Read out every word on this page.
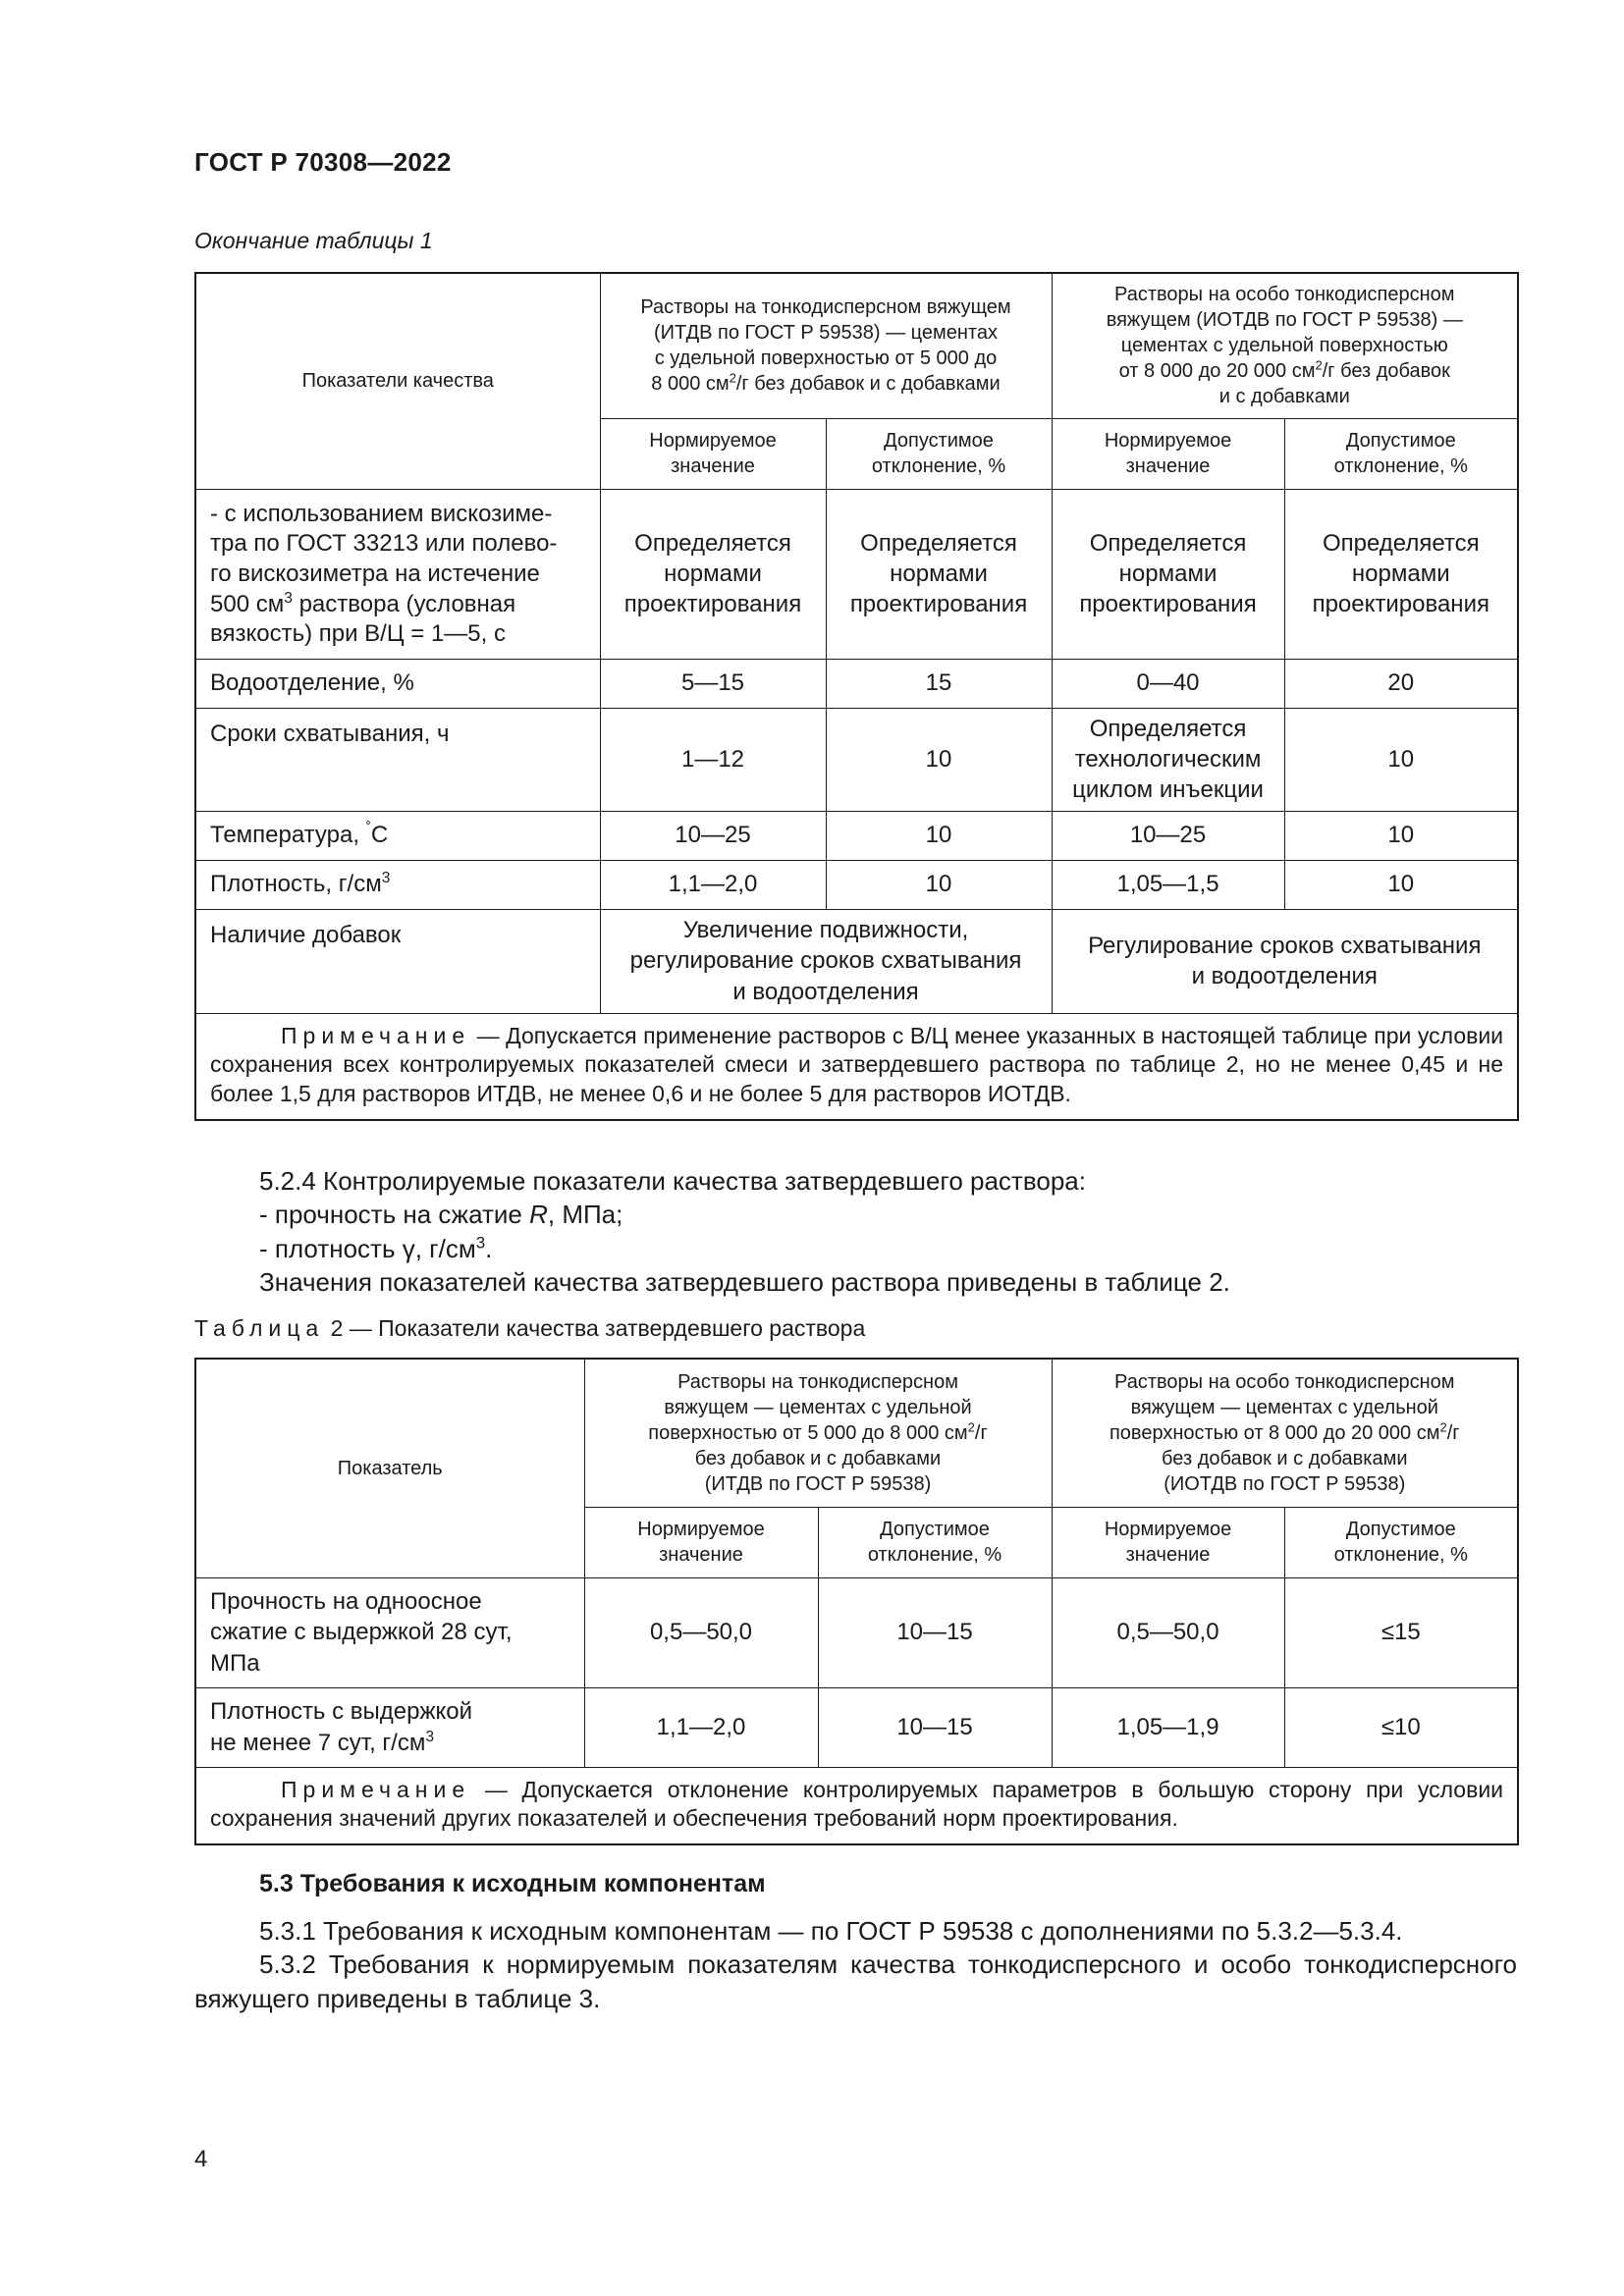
ГОСТ Р 70308—2022
Окончание таблицы 1
Показатели качества	Растворы на тонкодисперсном вяжущем
(ИТДВ по ГОСТ Р 59538) — цементах
с удельной поверхностью от 5 000 до
8 000 $см^2/г$ без добавок и с добавками		Растворы на особо тонкодисперсном
вяжущем (ИОТДВ по ГОСТ Р 59538) —
цементах с удельной поверхностью
от 8 000 до 20 000 $см^2/г$ без добавок
и с добавками	
	Нормируемое
значение	Допустимое
отклонение, %	Нормируемое
значение	Допустимое
отклонение, %
- с использованием вискозиме-
тра по ГОСТ 33213 или полево-
го вискозиметра на истечение
500 $см^3$ раствора (условная
вязкость) при В/Ц = 1—5, с	Определяется
нормами
проектирования	Определяется
нормами
проектирования	Определяется
нормами
проектирования	Определяется
нормами
проектирования
Водоотделение, %	5—15	15	0—40	20
Сроки схватывания, ч	1—12	10	Определяется
технологическим
циклом инъекции	10
Температура, ˚С	10—25	10	10—25	10
Плотность, $г/см^3$	1,1—2,0	10	1,05—1,5	10
Наличие добавок	Увеличение подвижности,
регулирование сроков схватывания
и водоотделения		Регулирование сроков схватывания
и водоотделения	
Примечание — Допускается применение растворов с В/Ц менее указанных в настоящей таблице при условии сохранения всех контролируемых показателей смеси и затвердевшего раствора по таблице 2, но не менее 0,45 и не более 1,5 для растворов ИТДВ, не менее 0,6 и не более 5 для растворов ИОТДВ.				
5.2.4 Контролируемые показатели качества затвердевшего раствора:
- прочность на сжатие R, МПа;
- плотность γ, $г/см^3$.
Значения показателей качества затвердевшего раствора приведены в таблице 2.
Таблица 2 — Показатели качества затвердевшего раствора
Показатель	Растворы на тонкодисперсном
вяжущем — цементах с удельной
поверхностью от 5 000 до 8 000 $см^2/г$
без добавок и с добавками
(ИТДВ по ГОСТ Р 59538)		Растворы на особо тонкодисперсном
вяжущем — цементах с удельной
поверхностью от 8 000 до 20 000 $см^2/г$
без добавок и с добавками
(ИОТДВ по ГОСТ Р 59538)	
	Нормируемое
значение	Допустимое
отклонение, %	Нормируемое
значение	Допустимое
отклонение, %
Прочность на одноосное
сжатие с выдержкой 28 сут,
МПа	0,5—50,0	10—15	0,5—50,0	≤15
Плотность с выдержкой
не менее 7 сут, $г/см^3$	1,1—2,0	10—15	1,05—1,9	≤10
Примечание — Допускается отклонение контролируемых параметров в большую сторону при условии сохранения значений других показателей и обеспечения требований норм проектирования.				
5.3 Требования к исходным компонентам
5.3.1 Требования к исходным компонентам — по ГОСТ Р 59538 с дополнениями по 5.3.2—5.3.4.
5.3.2 Требования к нормируемым показателям качества тонкодисперсного и особо тонкодисперсного вяжущего приведены в таблице 3.
4
